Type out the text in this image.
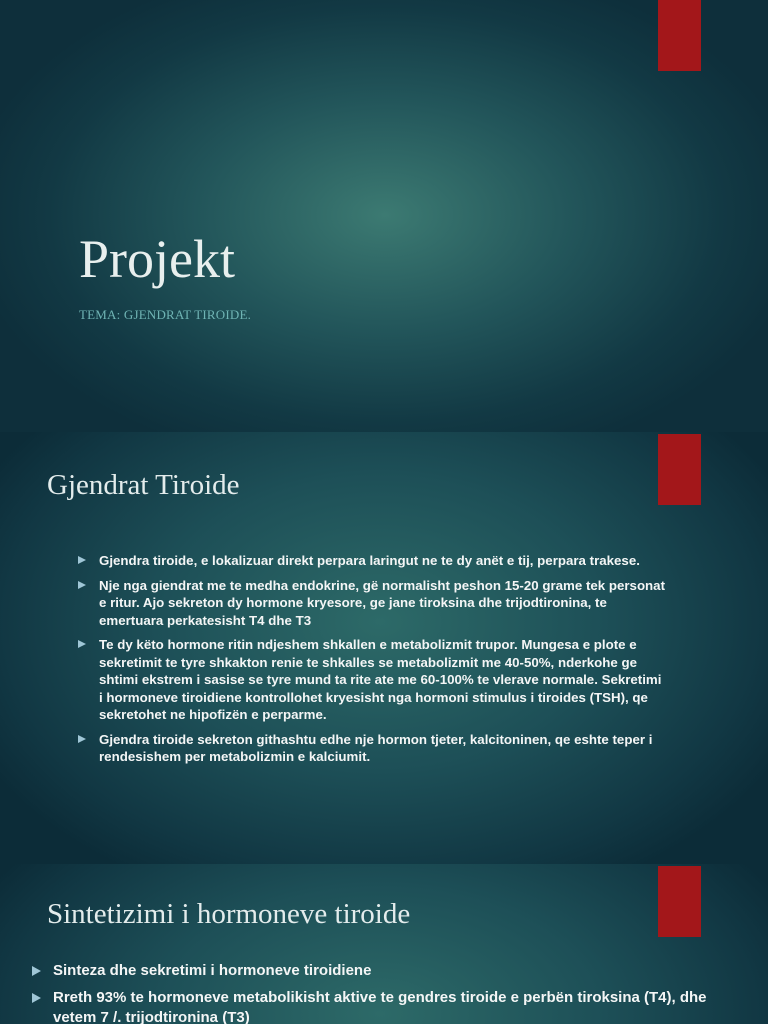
Projekt
TEMA: GJENDRAT TIROIDE.
Gjendrat Tiroide
Gjendra tiroide, e lokalizuar direkt perpara laringut ne te dy anët e tij, perpara trakese.
Nje nga giendrat me te medha endokrine, gë normalisht peshon 15-20 grame tek personat e ritur. Ajo sekreton dy hormone kryesore, ge jane tiroksina dhe trijodtironina, te emertuara perkatesisht T4 dhe T3
Te dy këto hormone ritin ndjeshem shkallen e metabolizmit trupor. Mungesa e plote e sekretimit te tyre shkakton renie te shkalles se metabolizmit me 40-50%, nderkohe ge shtimi ekstrem i sasise se tyre mund ta rite ate me 60-100% te vlerave normale. Sekretimi i hormoneve tiroidiene kontrollohet kryesisht nga hormoni stimulus i tiroides (TSH), qe sekretohet ne hipofizën e perparme.
Gjendra tiroide sekreton githashtu edhe nje hormon tjeter, kalcitoninen, qe eshte teper i rendesishem per metabolizmin e kalciumit.
Sintetizimi i hormoneve tiroide
Sinteza dhe sekretimi i hormoneve tiroidiene
Rreth 93% te hormoneve metabolikisht aktive te gendres tiroide e perbën tiroksina (T4), dhe vetem 7 /. trijodtironina (T3)
